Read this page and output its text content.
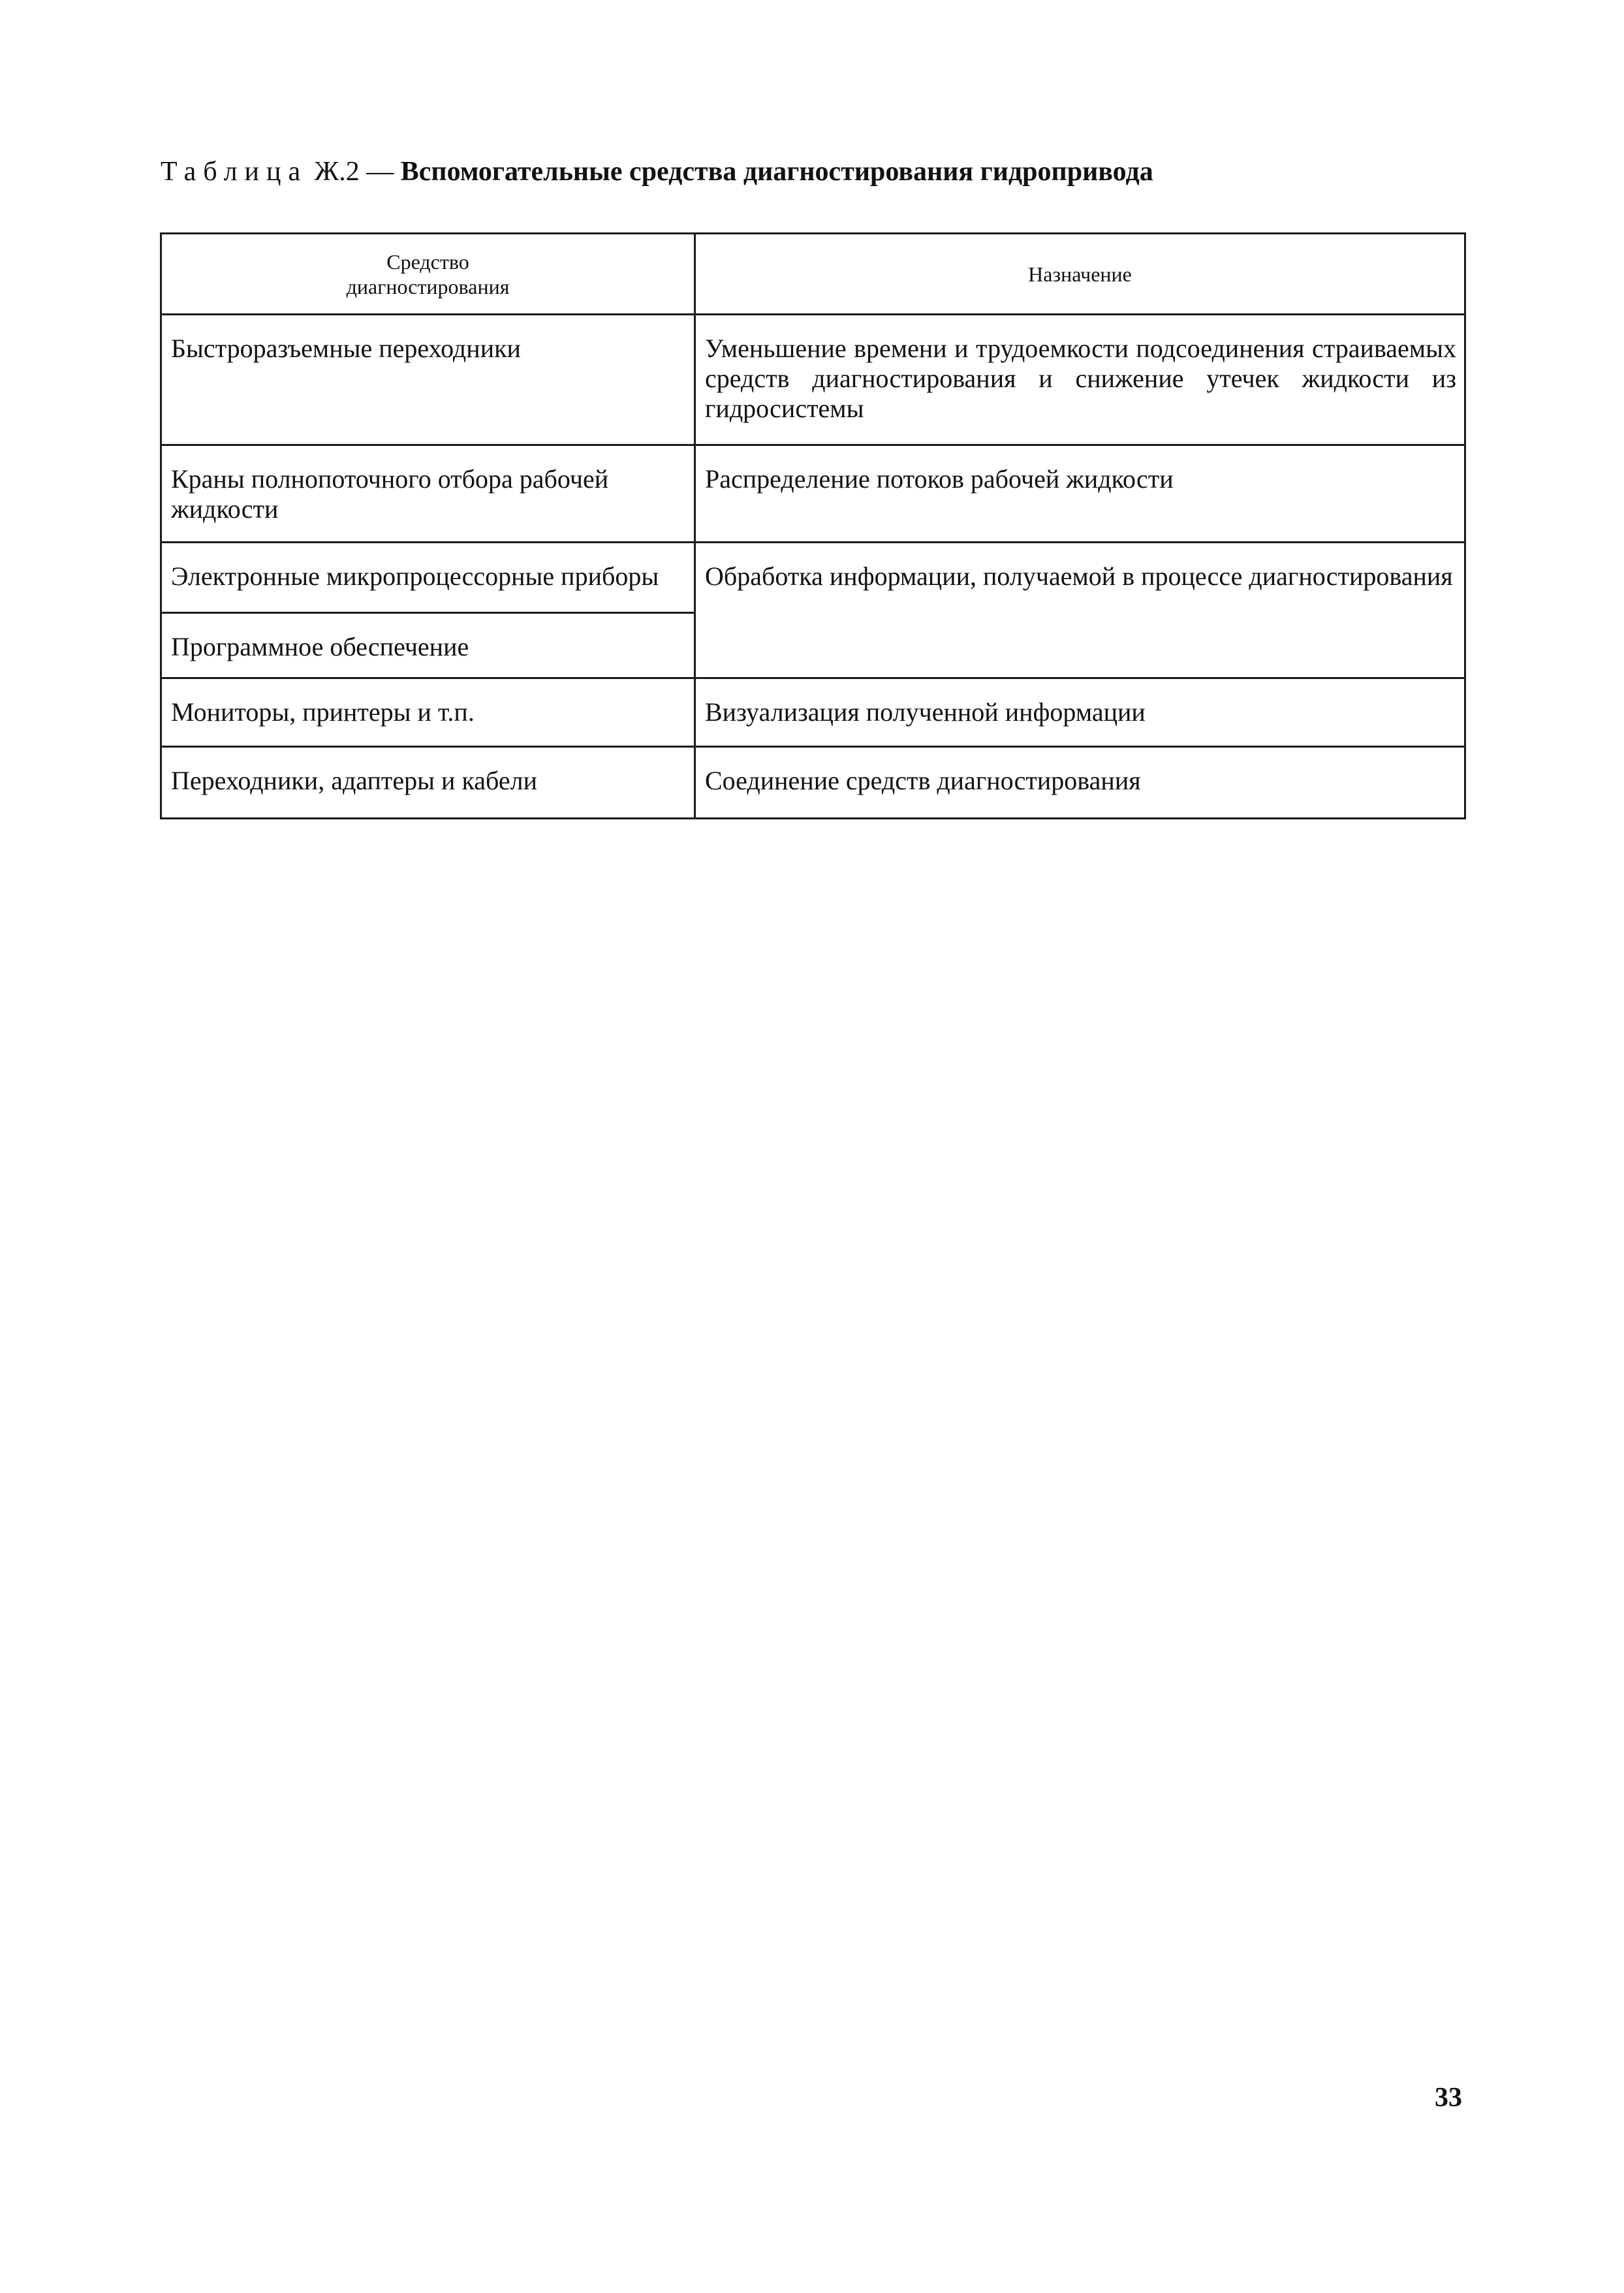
Таблица Ж.2 — Вспомогательные средства диагностирования гидропривода
Средство диагностирования	Назначение
Быстроразъемные переходники	Уменьшение времени и трудоемкости подсоединения страиваемых средств диагностирования и снижение утечек жидкости из гидросистемы
Краны полнопоточного отбора рабочей жидкости	Распределение потоков рабочей жидкости
Электронные микропроцессорные приборы	Обработка информации, получаемой в процессе диагностирования
Программное обеспечение	
Мониторы, принтеры и т.п.	Визуализация полученной информации
Переходники, адаптеры и кабели	Соединение средств диагностирования
33
